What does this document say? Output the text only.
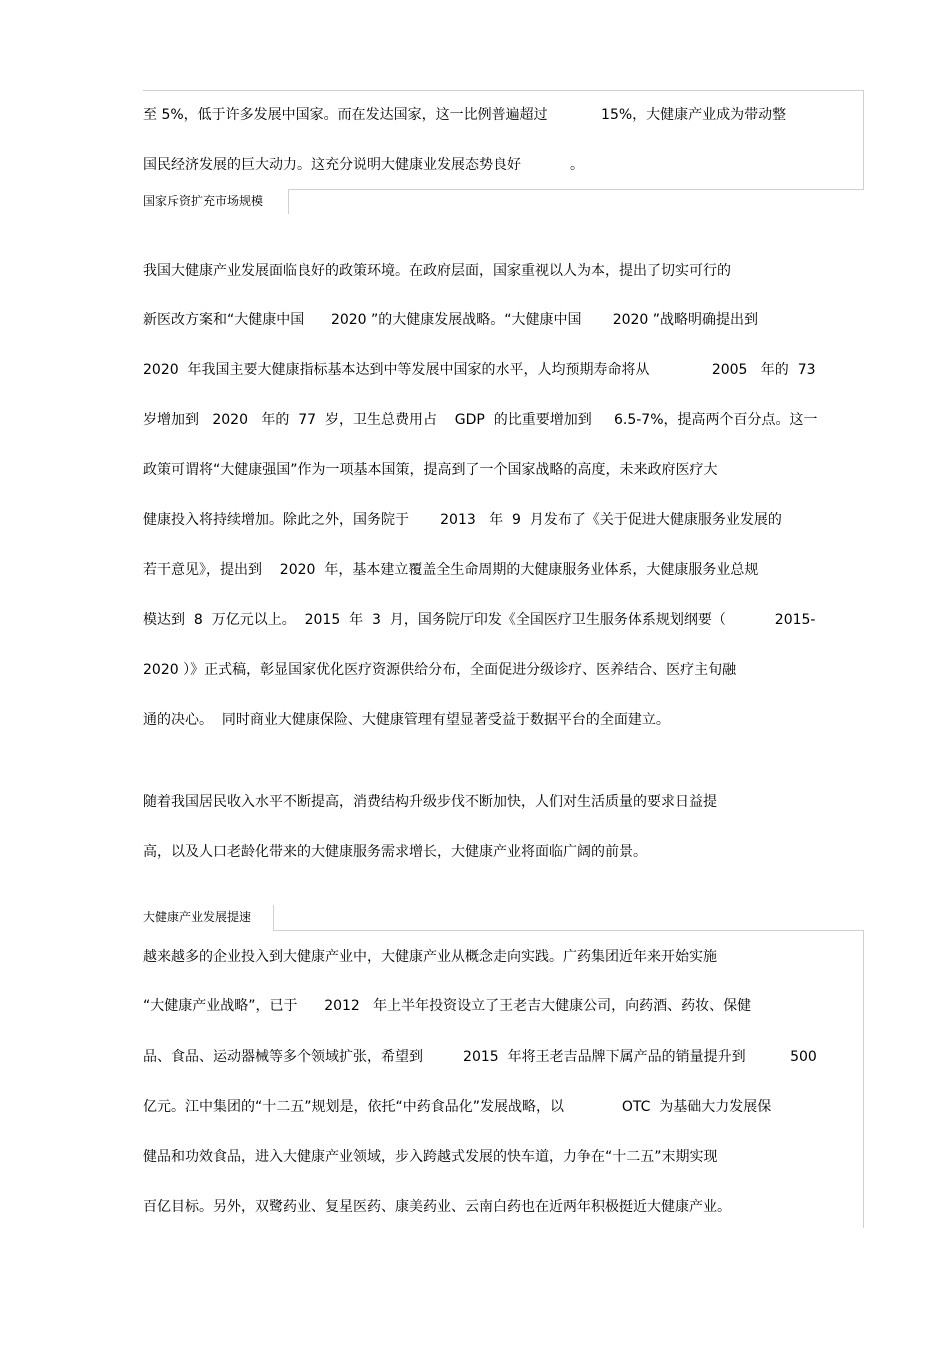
至 5%，低于许多发展中国家。而在发达国家，这一比例普遍超过            15%，大健康产业成为带动整

国民经济发展的巨大动力。这充分说明大健康业发展态势良好           。

国家斥资扩充市场规模

我国大健康产业发展面临良好的政策环境。在政府层面，国家重视以人为本，提出了切实可行的

新医改方案和“大健康中国      2020 ”的大健康发展战略。“大健康中国       2020 ”战略明确提出到

2020  年我国主要大健康指标基本达到中等发展中国家的水平，人均预期寿命将从              2005   年的  73

岁增加到   2020   年的  77  岁，卫生总费用占    GDP  的比重要增加到     6.5-7%，提高两个百分点。这一

政策可谓将“大健康强国”作为一项基本国策，提高到了一个国家战略的高度，未来政府医疗大

健康投入将持续增加。除此之外，国务院于       2013   年  9  月发布了《关于促进大健康服务业发展的

若干意见》，提出到    2020  年，基本建立覆盖全生命周期的大健康服务业体系，大健康服务业总规

模达到  8  万亿元以上。  2015  年  3  月，国务院厅印发《全国医疗卫生服务体系规划纲要（           2015-

2020 ）》正式稿，彰显国家优化医疗资源供给分布，全面促进分级诊疗、医养结合、医疗主旬融

通的决心。  同时商业大健康保险、大健康管理有望显著受益于数据平台的全面建立。

随着我国居民收入水平不断提高，消费结构升级步伐不断加快，人们对生活质量的要求日益提

高，以及人口老龄化带来的大健康服务需求增长，大健康产业将面临广阔的前景。

大健康产业发展提速

越来越多的企业投入到大健康产业中，大健康产业从概念走向实践。广药集团近年来开始实施

“大健康产业战略”，已于      2012   年上半年投资设立了王老吉大健康公司，向药酒、药妆、保健

品、食品、运动器械等多个领域扩张，希望到         2015  年将王老吉品牌下属产品的销量提升到          500

亿元。江中集团的“十二五”规划是，依托“中药食品化”发展战略，以             OTC  为基础大力发展保

健品和功效食品，进入大健康产业领域，步入跨越式发展的快车道，力争在“十二五”末期实现

百亿目标。另外，双鹭药业、复星医药、康美药业、云南白药也在近两年积极挺近大健康产业。
